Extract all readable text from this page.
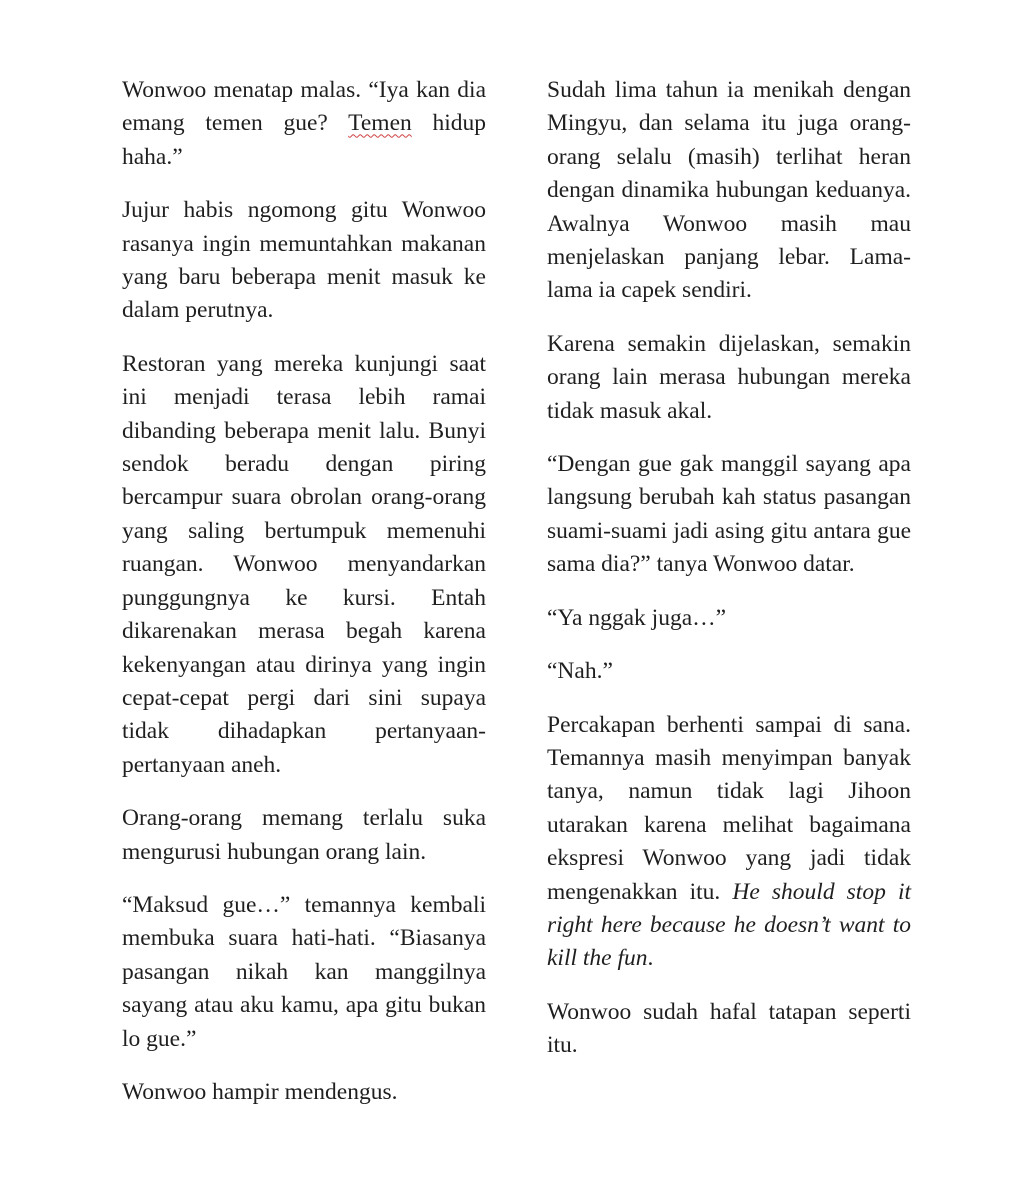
Wonwoo menatap malas. “Iya kan dia emang temen gue? Temen hidup haha.”

Jujur habis ngomong gitu Wonwoo rasanya ingin memuntahkan makanan yang baru beberapa menit masuk ke dalam perutnya.

Restoran yang mereka kunjungi saat ini menjadi terasa lebih ramai dibanding beberapa menit lalu. Bunyi sendok beradu dengan piring bercampur suara obrolan orang-orang yang saling bertumpuk memenuhi ruangan. Wonwoo menyandarkan punggungnya ke kursi. Entah dikarenakan merasa begah karena kekenyangan atau dirinya yang ingin cepat-cepat pergi dari sini supaya tidak dihadapkan pertanyaan-pertanyaan aneh.

Orang-orang memang terlalu suka mengurusi hubungan orang lain.

“Maksud gue…” temannya kembali membuka suara hati-hati. “Biasanya pasangan nikah kan manggilnya sayang atau aku kamu, apa gitu bukan lo gue.”

Wonwoo hampir mendengus.

Sudah lima tahun ia menikah dengan Mingyu, dan selama itu juga orang-orang selalu (masih) terlihat heran dengan dinamika hubungan keduanya. Awalnya Wonwoo masih mau menjelaskan panjang lebar. Lama-lama ia capek sendiri.

Karena semakin dijelaskan, semakin orang lain merasa hubungan mereka tidak masuk akal.

“Dengan gue gak manggil sayang apa langsung berubah kah status pasangan suami-suami jadi asing gitu antara gue sama dia?” tanya Wonwoo datar.

“Ya nggak juga…”

“Nah.”

Percakapan berhenti sampai di sana. Temannya masih menyimpan banyak tanya, namun tidak lagi Jihoon utarakan karena melihat bagaimana ekspresi Wonwoo yang jadi tidak mengenakkan itu. He should stop it right here because he doesn’t want to kill the fun.

Wonwoo sudah hafal tatapan seperti itu.
